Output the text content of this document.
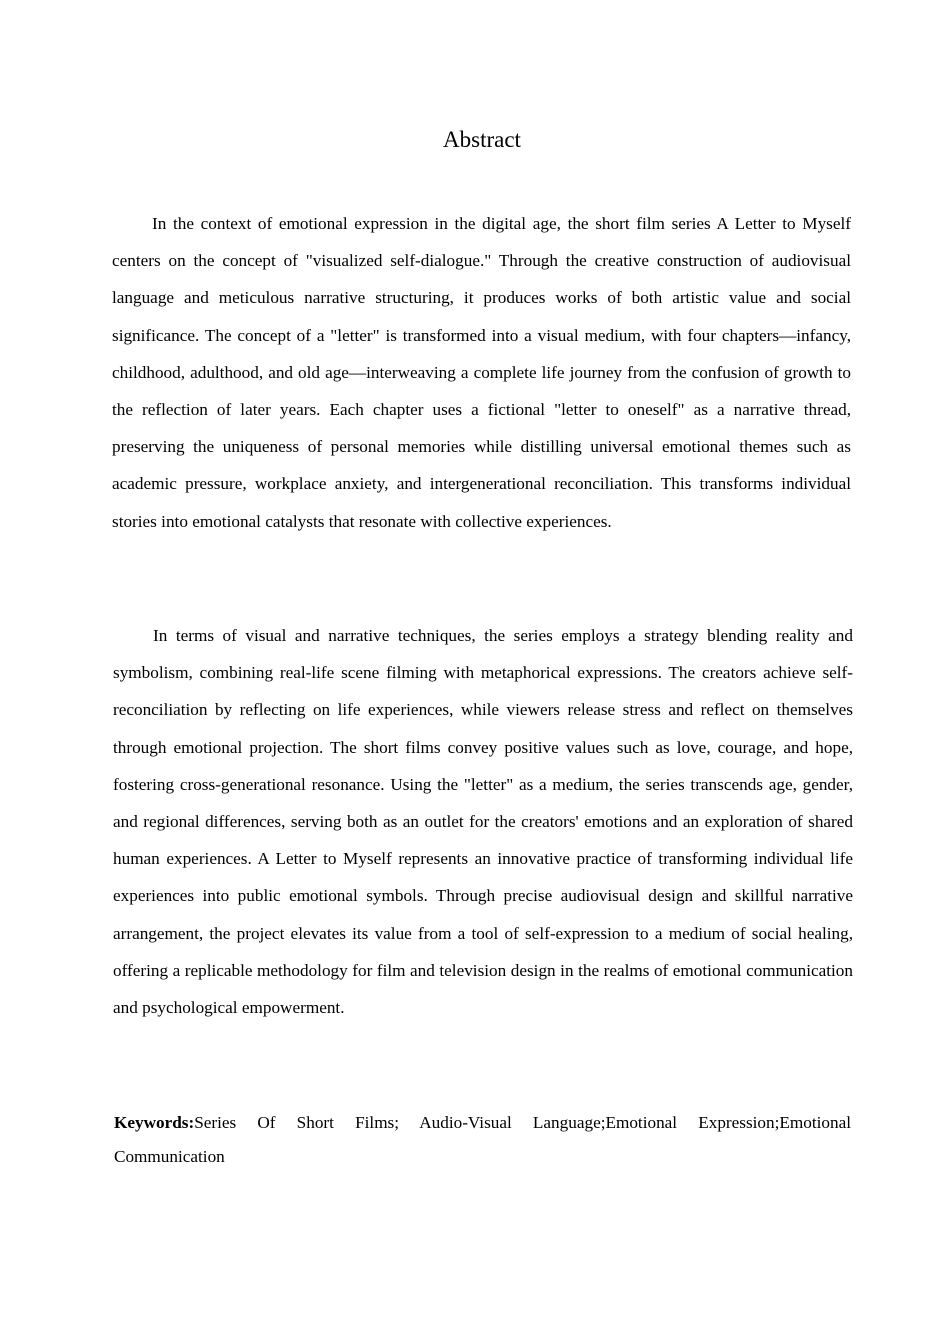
Abstract

In the context of emotional expression in the digital age, the short film series A Letter to Myself centers on the concept of "visualized self-dialogue." Through the creative construction of audiovisual language and meticulous narrative structuring, it produces works of both artistic value and social significance. The concept of a "letter" is transformed into a visual medium, with four chapters—infancy, childhood, adulthood, and old age—interweaving a complete life journey from the confusion of growth to the reflection of later years. Each chapter uses a fictional "letter to oneself" as a narrative thread, preserving the uniqueness of personal memories while distilling universal emotional themes such as academic pressure, workplace anxiety, and intergenerational reconciliation. This transforms individual stories into emotional catalysts that resonate with collective experiences.

In terms of visual and narrative techniques, the series employs a strategy blending reality and symbolism, combining real-life scene filming with metaphorical expressions. The creators achieve self-reconciliation by reflecting on life experiences, while viewers release stress and reflect on themselves through emotional projection. The short films convey positive values such as love, courage, and hope, fostering cross-generational resonance. Using the "letter" as a medium, the series transcends age, gender, and regional differences, serving both as an outlet for the creators' emotions and an exploration of shared human experiences. A Letter to Myself represents an innovative practice of transforming individual life experiences into public emotional symbols. Through precise audiovisual design and skillful narrative arrangement, the project elevates its value from a tool of self-expression to a medium of social healing, offering a replicable methodology for film and television design in the realms of emotional communication and psychological empowerment.

Keywords:Series Of Short Films; Audio-Visual Language;Emotional Expression;Emotional Communication
